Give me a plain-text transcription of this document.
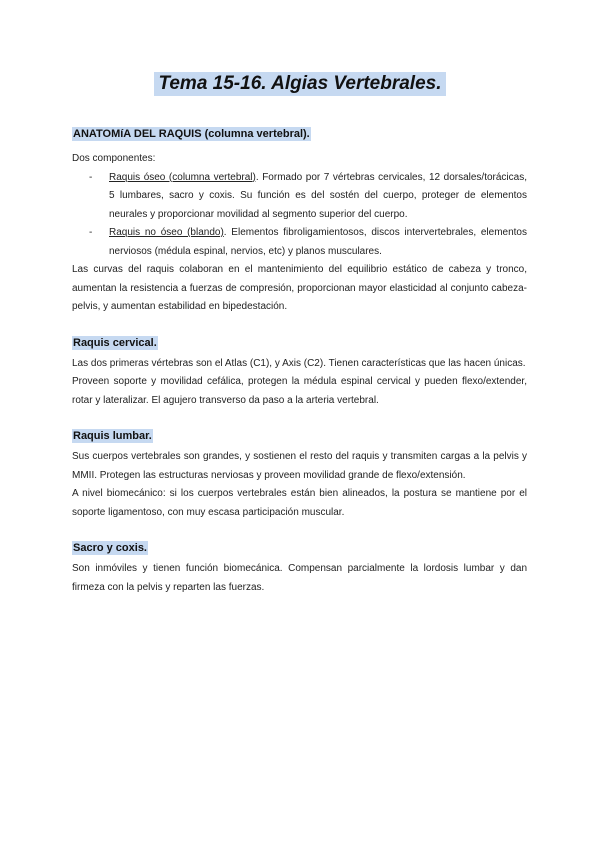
Tema 15-16. Algias Vertebrales.
ANATOMíA DEL RAQUIS (columna vertebral).

Dos componentes:

- Raquis óseo (columna vertebral). Formado por 7 vértebras cervicales, 12 dorsales/torácicas, 5 lumbares, sacro y coxis. Su función es del sostén del cuerpo, proteger de elementos neurales y proporcionar movilidad al segmento superior del cuerpo.
- Raquis no óseo (blando). Elementos fibroligamientosos, discos intervertebrales, elementos nerviosos (médula espinal, nervios, etc) y planos musculares.

Las curvas del raquis colaboran en el mantenimiento del equilibrio estático de cabeza y tronco, aumentan la resistencia a fuerzas de compresión, proporcionan mayor elasticidad al conjunto cabeza-pelvis, y aumentan estabilidad en bipedestación.

Raquis cervical.

Las dos primeras vértebras son el Atlas (C1), y Axis (C2). Tienen características que las hacen únicas.

Proveen soporte y movilidad cefálica, protegen la médula espinal cervical y pueden flexo/extender, rotar y lateralizar. El agujero transverso da paso a la arteria vertebral.

Raquis lumbar.

Sus cuerpos vertebrales son grandes, y sostienen el resto del raquis y transmiten cargas a la pelvis y MMII. Protegen las estructuras nerviosas y proveen movilidad grande de flexo/extensión.

A nivel biomecánico: si los cuerpos vertebrales están bien alineados, la postura se mantiene por el soporte ligamentoso, con muy escasa participación muscular.

Sacro y coxis.

Son inmóviles y tienen función biomecánica. Compensan parcialmente la lordosis lumbar y dan firmeza con la pelvis y reparten las fuerzas.
